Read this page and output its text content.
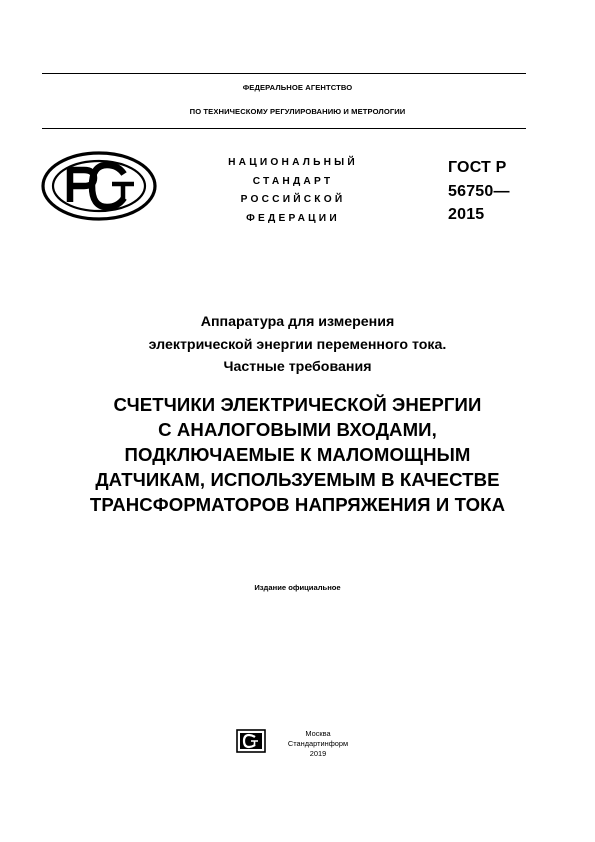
ФЕДЕРАЛЬНОЕ АГЕНТСТВО
ПО ТЕХНИЧЕСКОМУ РЕГУЛИРОВАНИЮ И МЕТРОЛОГИИ
НАЦИОНАЛЬНЫЙ
СТАНДАРТ
РОССИЙСКОЙ
ФЕДЕРАЦИИ
ГОСТ Р
56750—
2015
Аппаратура для измерения
электрической энергии переменного тока.
Частные требования
СЧЕТЧИКИ ЭЛЕКТРИЧЕСКОЙ ЭНЕРГИИ
С АНАЛОГОВЫМИ ВХОДАМИ,
ПОДКЛЮЧАЕМЫЕ К МАЛОМОЩНЫМ
ДАТЧИКАМ, ИСПОЛЬЗУЕМЫМ В КАЧЕСТВЕ
ТРАНСФОРМАТОРОВ НАПРЯЖЕНИЯ И ТОКА
Издание официальное
Москва
Стандартинформ
2019
